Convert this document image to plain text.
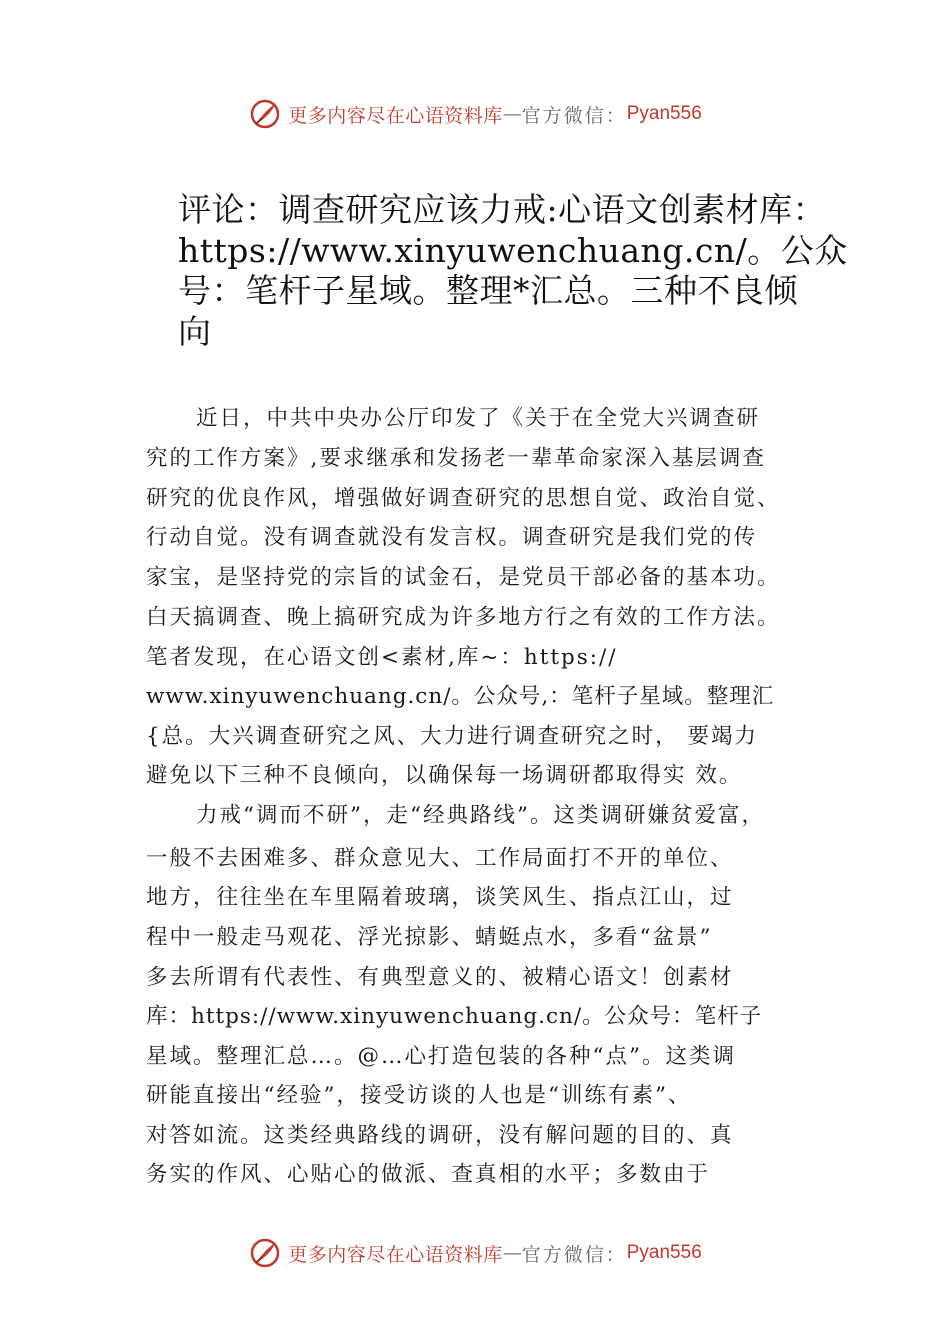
更多内容尽在心语资料库 — 官方微信： Pyan556
评论：调查研究应该力戒:心语文创素材库：
https://www.xinyuwenchuang.cn/。公众
号：笔杆子星域。整理*汇总。三种不良倾
向
近日，中共中央办公厅印发了《关于在全党大兴调查研
究的工作方案》,要求继承和发扬老一辈革命家深入基层调查
研究的优良作风，增强做好调查研究的思想自觉、政治自觉、
行动自觉。没有调查就没有发言权。调查研究是我们党的传
家宝，是坚持党的宗旨的试金石，是党员干部必备的基本功。
白天搞调查、晚上搞研究成为许多地方行之有效的工作方法。
笔者发现，在心语文创<素材,库~：https://
www.xinyuwenchuang.cn/。公众号,：笔杆子星域。整理汇
{总。大兴调查研究之风、大力进行调查研究之时， 要竭力
避免以下三种不良倾向，以确保每一场调研都取得实 效。
力戒“调而不研”，走“经典路线”。这类调研嫌贫爱富，
一般不去困难多、群众意见大、工作局面打不开的单位、
地方，往往坐在车里隔着玻璃，谈笑风生、指点江山，过
程中一般走马观花、浮光掠影、蜻蜓点水，多看“盆景”
多去所谓有代表性、有典型意义的、被精心语文！创素材
库：https://www.xinyuwenchuang.cn/。公众号：笔杆子
星域。整理汇总…。@…心打造包装的各种“点”。这类调
研能直接出“经验”，接受访谈的人也是“训练有素”、
对答如流。这类经典路线的调研，没有解问题的目的、真
务实的作风、心贴心的做派、查真相的水平；多数由于
更多内容尽在心语资料库 — 官方微信： Pyan556
